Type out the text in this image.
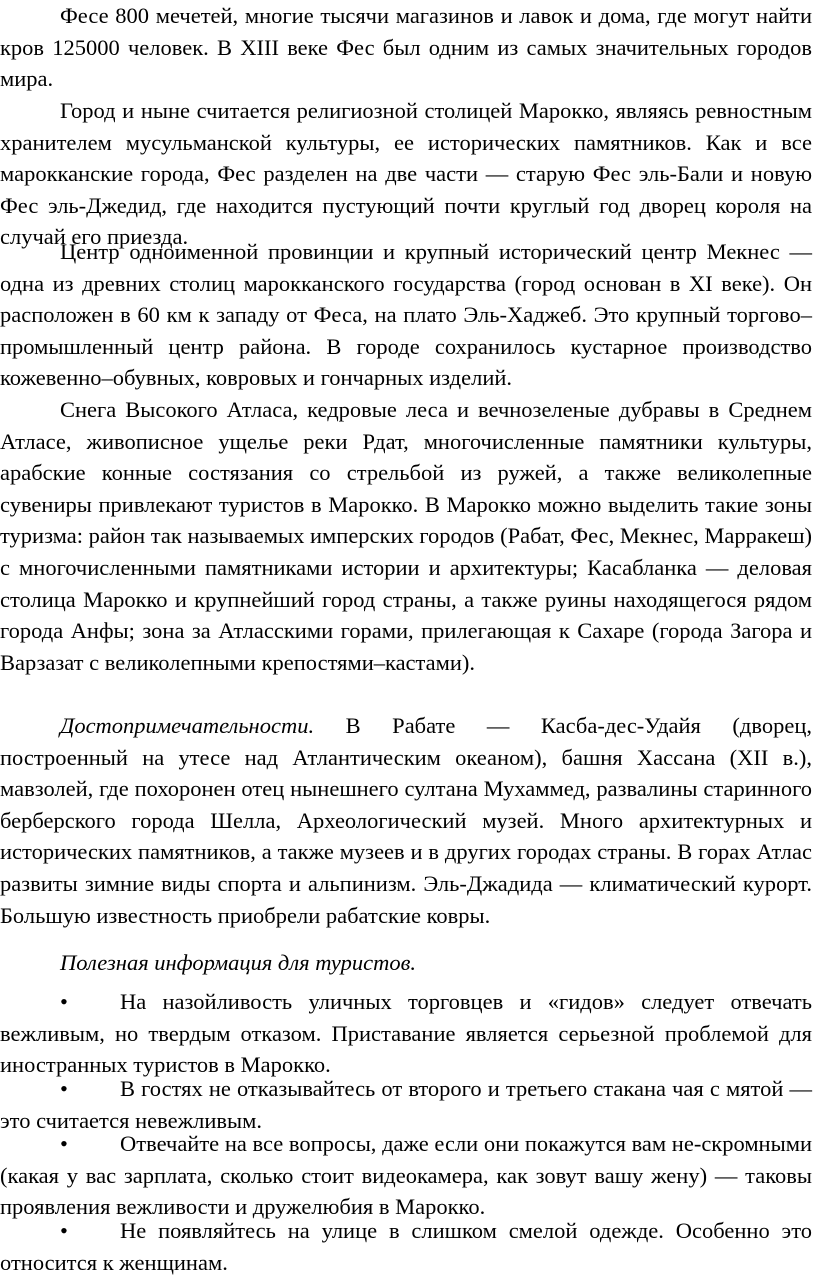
Фесе 800 мечетей, многие тысячи магазинов и лавок и дома, где могут найти кров 125000 человек. В XIII веке Фес был одним из самых значительных городов мира.

Город и ныне считается религиозной столицей Марокко, являясь ревностным хранителем мусульманской культуры, ее исторических памятников. Как и все марокканские города, Фес разделен на две части — старую Фес эль-Бали и новую Фес эль-Джедид, где находится пустующий почти круглый год дворец короля на случай его приезда.

Центр одноименной провинции и крупный исторический центр Мекнес — одна из древних столиц марокканского государства (город основан в XI веке). Он расположен в 60 км к западу от Феса, на плато Эль-Хаджеб. Это крупный торгово–промышленный центр района. В городе сохранилось кустарное производство кожевенно–обувных, ковровых и гончарных изделий.

Снега Высокого Атласа, кедровые леса и вечнозеленые дубравы в Среднем Атласе, живописное ущелье реки Рдат, многочисленные памятники культуры, арабские конные состязания со стрельбой из ружей, а также великолепные сувениры привлекают туристов в Марокко. В Марокко можно выделить такие зоны туризма: район так называемых имперских городов (Рабат, Фес, Мекнес, Марракеш) с многочисленными памятниками истории и архитектуры; Касабланка — деловая столица Марокко и крупнейший город страны, а также руины находящегося рядом города Анфы; зона за Атласскими горами, прилегающая к Сахаре (города Загора и Варзазат с великолепными крепостями–кастами).

Достопримечательности. В Рабате — Касба-дес-Удайя (дворец, построенный на утесе над Атлантическим океаном), башня Хассана (XII в.), мавзолей, где похоронен отец нынешнего султана Мухаммед, развалины старинного берберского города Шелла, Археологический музей. Много архитектурных и исторических памятников, а также музеев и в других городах страны. В горах Атлас развиты зимние виды спорта и альпинизм. Эль-Джадида — климатический курорт. Большую известность приобрели рабатские ковры.

Полезная информация для туристов.

•	На назойливость уличных торговцев и «гидов» следует отвечать вежливым, но твердым отказом. Приставание является серьезной проблемой для иностранных туристов в Марокко.
•	В гостях не отказывайтесь от второго и третьего стакана чая с мятой — это считается невежливым.
•	Отвечайте на все вопросы, даже если они покажутся вам не-скромными (какая у вас зарплата, сколько стоит видеокамера, как зовут вашу жену) — таковы проявления вежливости и дружелюбия в Марокко.
•	Не появляйтесь на улице в слишком смелой одежде. Особенно это относится к женщинам.
